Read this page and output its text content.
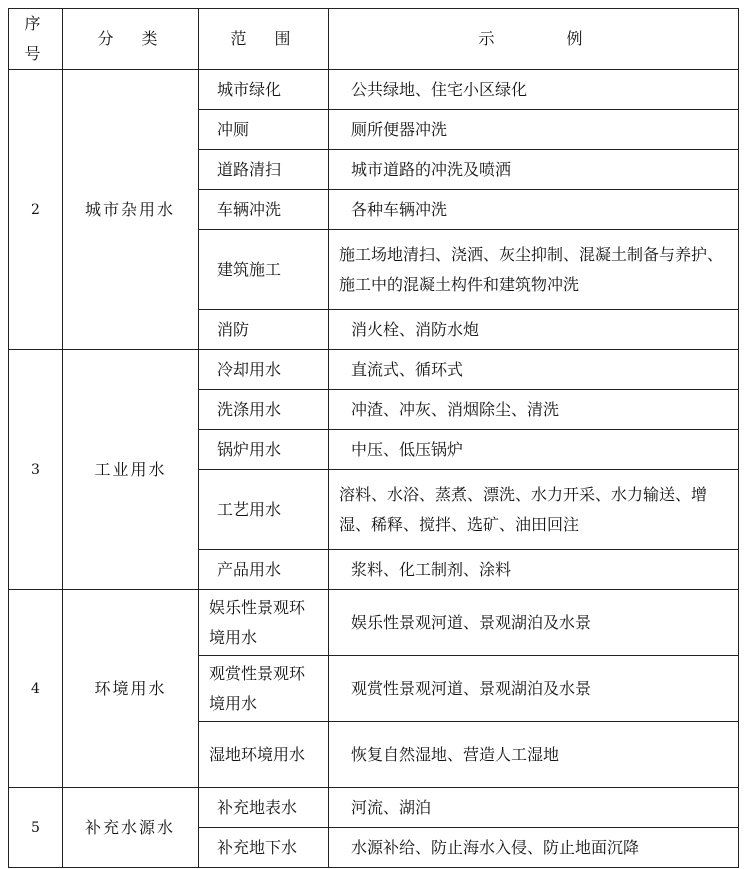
序号	分　类	范　围	示　　　例
2	城市杂用水	城市绿化	公共绿地、住宅小区绿化
		冲厕	厕所便器冲洗
		道路清扫	城市道路的冲洗及喷洒
		车辆冲洗	各种车辆冲洗
		建筑施工	施工场地清扫、浇洒、灰尘抑制、混凝土制备与养护、施工中的混凝土构件和建筑物冲洗
		消防	消火栓、消防水炮
3	工业用水	冷却用水	直流式、循环式
		洗涤用水	冲渣、冲灰、消烟除尘、清洗
		锅炉用水	中压、低压锅炉
		工艺用水	溶料、水浴、蒸煮、漂洗、水力开采、水力输送、增湿、稀释、搅拌、选矿、油田回注
		产品用水	浆料、化工制剂、涂料
4	环境用水	娱乐性景观环境用水	娱乐性景观河道、景观湖泊及水景
		观赏性景观环境用水	观赏性景观河道、景观湖泊及水景
		湿地环境用水	恢复自然湿地、营造人工湿地
5	补充水源水	补充地表水	河流、湖泊
		补充地下水	水源补给、防止海水入侵、防止地面沉降
